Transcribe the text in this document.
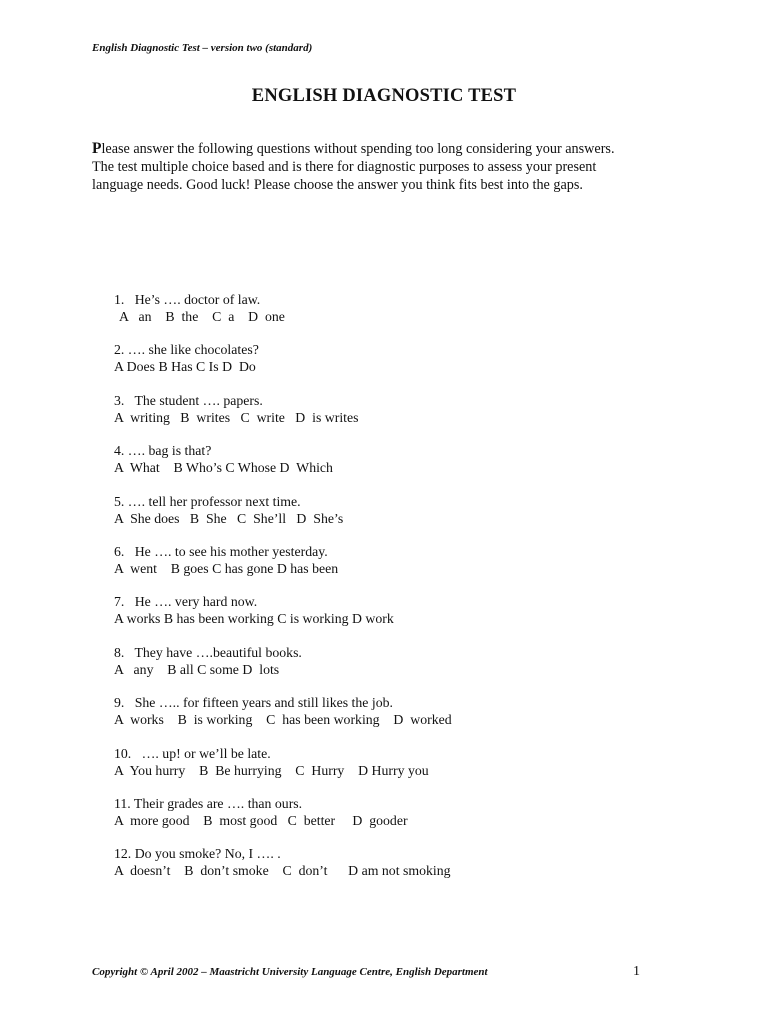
English Diagnostic Test – version two (standard)
ENGLISH DIAGNOSTIC TEST
Please answer the following questions without spending too long considering your answers.
The test multiple choice based and is there for diagnostic purposes to assess your present
language needs. Good luck! Please choose the answer you think fits best into the gaps.
1.   He’s …. doctor of law.
A   an    B  the    C  a    D  one
2. …. she like chocolates?
A Does B Has C Is D  Do
3.   The student …. papers.
A  writing   B  writes   C  write   D  is writes
4. …. bag is that?
A  What    B Who’s C Whose D  Which
5. …. tell her professor next time.
A  She does   B  She   C  She’ll   D  She’s
6.   He …. to see his mother yesterday.
A  went    B goes C has gone D has been
7.   He …. very hard now.
A works B has been working C is working D work
8.   They have ….beautiful books.
A   any    B all C some D  lots
9.   She ….. for fifteen years and still likes the job.
A  works    B  is working    C  has been working    D  worked
10.   …. up! or we’ll be late.
A  You hurry    B  Be hurrying    C  Hurry    D Hurry you
11. Their grades are …. than ours.
A  more good    B  most good   C  better     D  gooder
12. Do you smoke? No, I …. .
A  doesn’t    B  don’t smoke    C  don’t      D am not smoking
Copyright © April 2002 – Maastricht University Language Centre, English Department	1
